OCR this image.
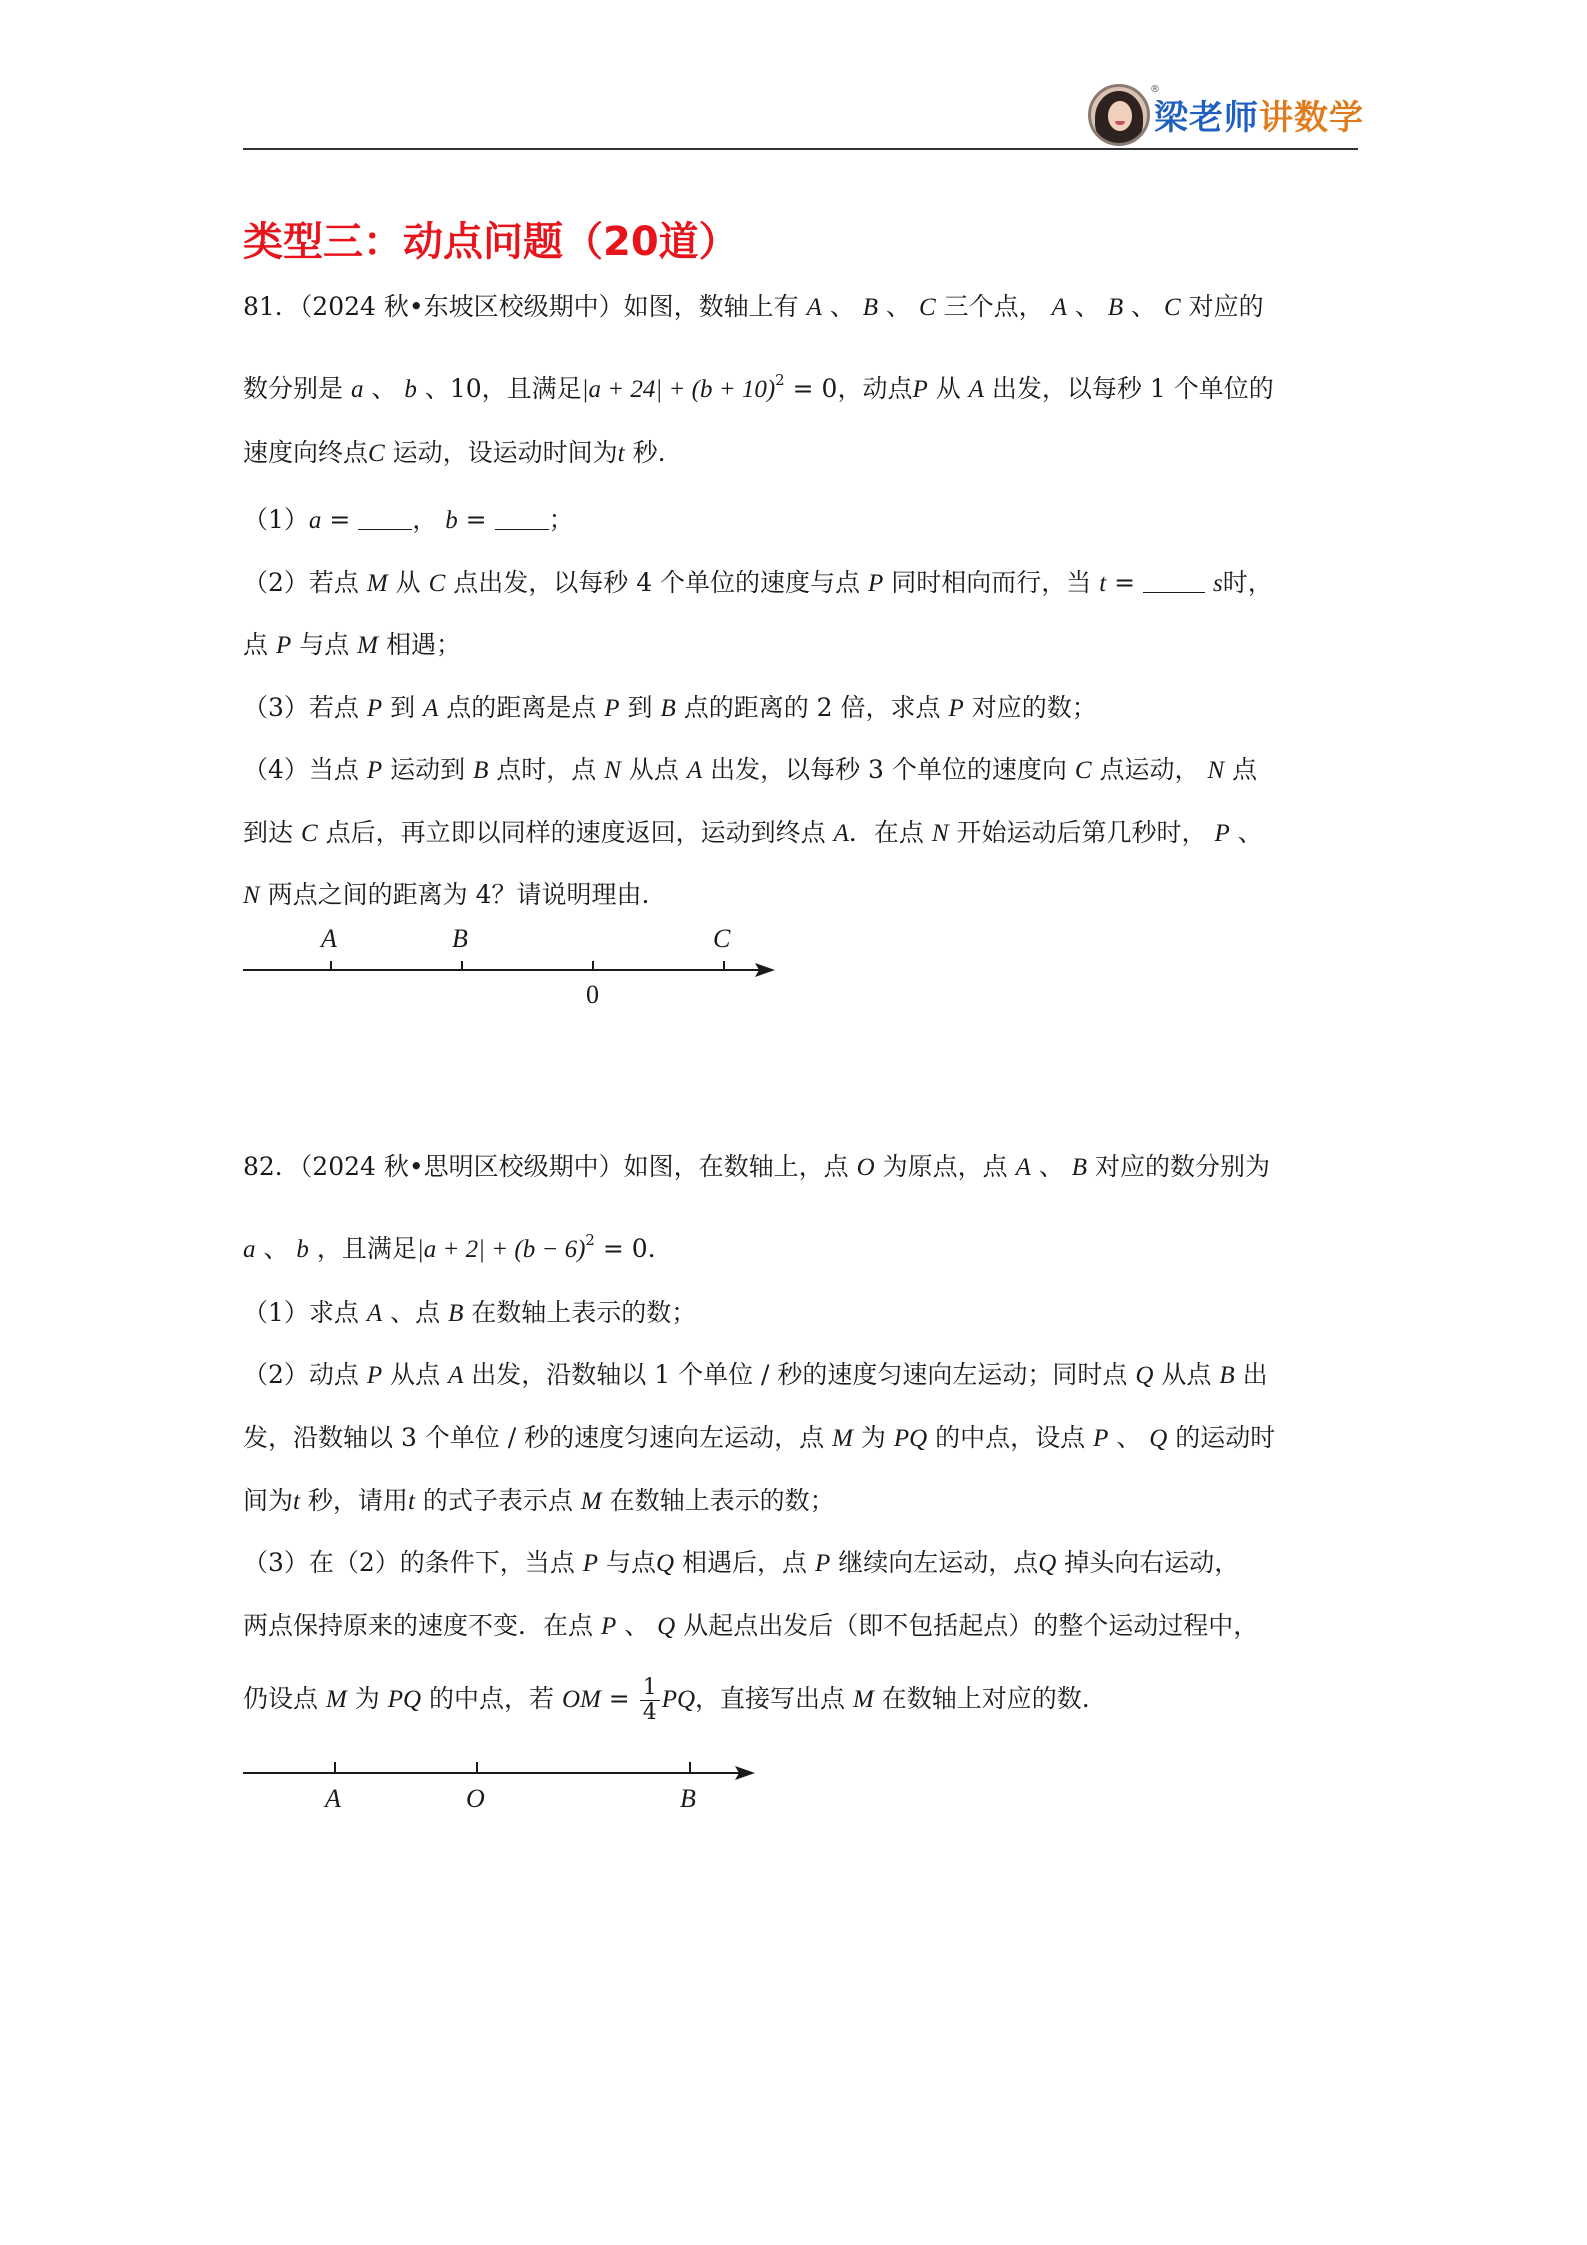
®
梁老师讲数学
类型三：动点问题（20道）
81．（2024 秋•东坡区校级期中）如图，数轴上有 A 、 B 、 C 三个点， A 、 B 、 C 对应的
数分别是 a 、 b 、10，且满足$|a + 24| + (b + 10)^2 = 0$，动点P 从 A 出发，以每秒 1 个单位的
速度向终点C 运动，设运动时间为t 秒.
（1）a = ， b = ；
（2）若点 M 从 C 点出发，以每秒 4 个单位的速度与点 P 同时相向而行，当 t =	s时，
点 P 与点 M 相遇；
（3）若点 P 到 A 点的距离是点 P 到 B 点的距离的 2 倍，求点 P 对应的数；
（4）当点 P 运动到 B 点时，点 N 从点 A 出发，以每秒 3 个单位的速度向 C 点运动， N 点
到达 C 点后，再立即以同样的速度返回，运动到终点 A．在点 N 开始运动后第几秒时， P 、
N 两点之间的距离为 4？请说明理由.
A	B	C
0
82．（2024 秋•思明区校级期中）如图，在数轴上，点 O 为原点，点 A 、 B 对应的数分别为
a 、 b ，且满足$|a + 2| + (b - 6)^2 = 0$．
（1）求点 A 、点 B 在数轴上表示的数；
（2）动点 P 从点 A 出发，沿数轴以 1 个单位 / 秒的速度匀速向左运动；同时点 Q 从点 B 出
发，沿数轴以 3 个单位 / 秒的速度匀速向左运动，点 M 为 PQ 的中点，设点 P 、 Q 的运动时
间为t 秒，请用t 的式子表示点 M 在数轴上表示的数；
（3）在（2）的条件下，当点 P 与点Q 相遇后，点 P 继续向左运动，点Q 掉头向右运动，
两点保持原来的速度不变．在点 P 、 Q 从起点出发后（即不包括起点）的整个运动过程中，
仍设点 M 为 PQ 的中点，若 OM = $\frac{1}{4}$ PQ，直接写出点 M 在数轴上对应的数.
A	O	B
